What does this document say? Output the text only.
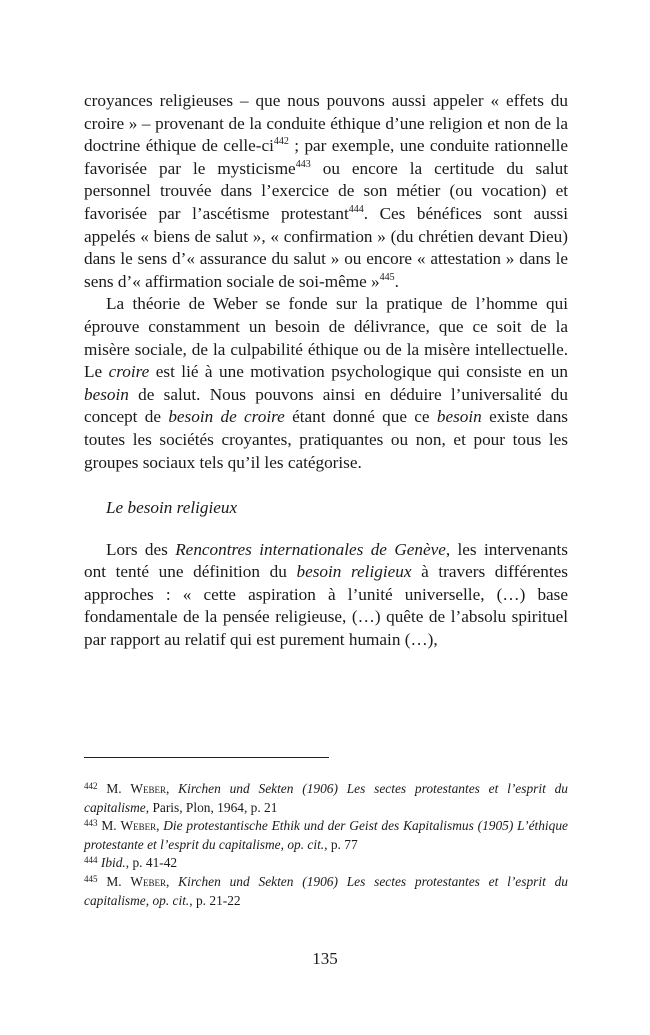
croyances religieuses – que nous pouvons aussi appeler « effets du croire » – provenant de la conduite éthique d’une religion et non de la doctrine éthique de celle-$ci^{442}$ ; par exemple, une conduite rationnelle favorisée par le mysticisme$^{443}$ ou encore la certitude du salut personnel trouvée dans l’exercice de son métier (ou vocation) et favorisée par l’ascétisme protestant$^{444}$. Ces bénéfices sont aussi appelés « biens de salut », « confirmation » (du chrétien devant Dieu) dans le sens d’« assurance du salut » ou encore « attestation » dans le sens d’« affirmation sociale de soi-même »$^{445}$.

La théorie de Weber se fonde sur la pratique de l’homme qui éprouve constamment un besoin de délivrance, que ce soit de la misère sociale, de la culpabilité éthique ou de la misère intellectuelle. Le croire est lié à une motivation psychologique qui consiste en un besoin de salut. Nous pouvons ainsi en déduire l’universalité du concept de besoin de croire étant donné que ce besoin existe dans toutes les sociétés croyantes, pratiquantes ou non, et pour tous les groupes sociaux tels qu’il les catégorise.

Le besoin religieux

Lors des Rencontres internationales de Genève, les intervenants ont tenté une définition du besoin religieux à travers différentes approches : « cette aspiration à l’unité universelle, (…) base fondamentale de la pensée religieuse, (…) quête de l’absolu spirituel par rapport au relatif qui est purement humain (…),

$^{442}$ M. Weber, Kirchen und Sekten (1906) Les sectes protestantes et l’esprit du capitalisme, Paris, Plon, 1964, p. 21

$^{443}$ M. Weber, Die protestantische Ethik und der Geist des Kapitalismus (1905) L’éthique protestante et l’esprit du capitalisme, op. cit., p. 77

$^{444}$ Ibid., p. 41-42

$^{445}$ M. Weber, Kirchen und Sekten (1906) Les sectes protestantes et l’esprit du capitalisme, op. cit., p. 21-22

135
